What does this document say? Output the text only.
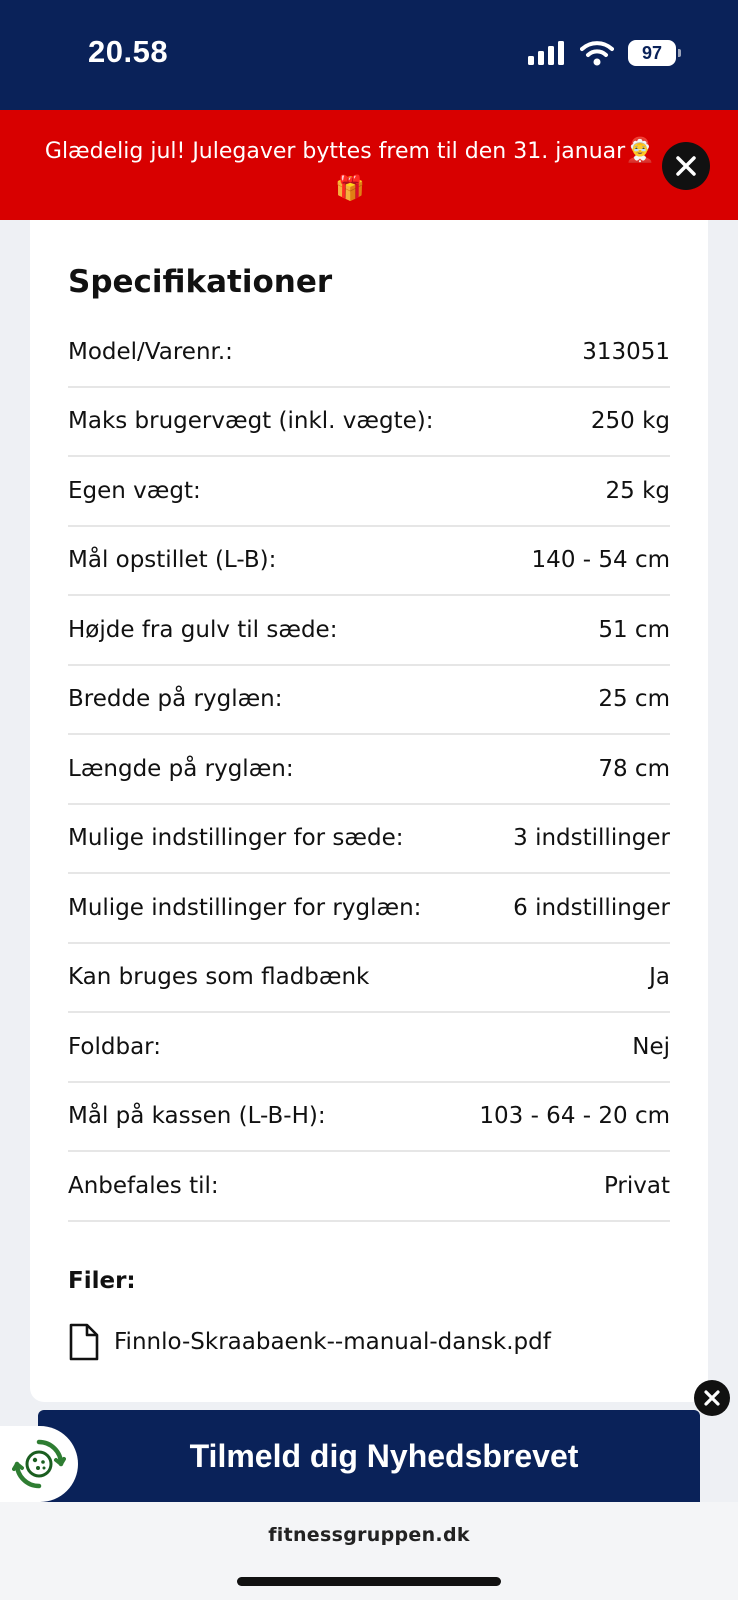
20.58	97
Glædelig jul! Julegaver byttes frem til den 31. januar🤶
🎁
Specifikationer
Model/Varenr.:	313051
Maks brugervægt (inkl. vægte):	250 kg
Egen vægt:	25 kg
Mål opstillet (L-B):	140 - 54 cm
Højde fra gulv til sæde:	51 cm
Bredde på ryglæn:	25 cm
Længde på ryglæn:	78 cm
Mulige indstillinger for sæde:	3 indstillinger
Mulige indstillinger for ryglæn:	6 indstillinger
Kan bruges som fladbænk	Ja
Foldbar:	Nej
Mål på kassen (L-B-H):	103 - 64 - 20 cm
Anbefales til:	Privat
Filer:
Finnlo-Skraabaenk--manual-dansk.pdf
Tilmeld dig Nyhedsbrevet
fitnessgruppen.dk
